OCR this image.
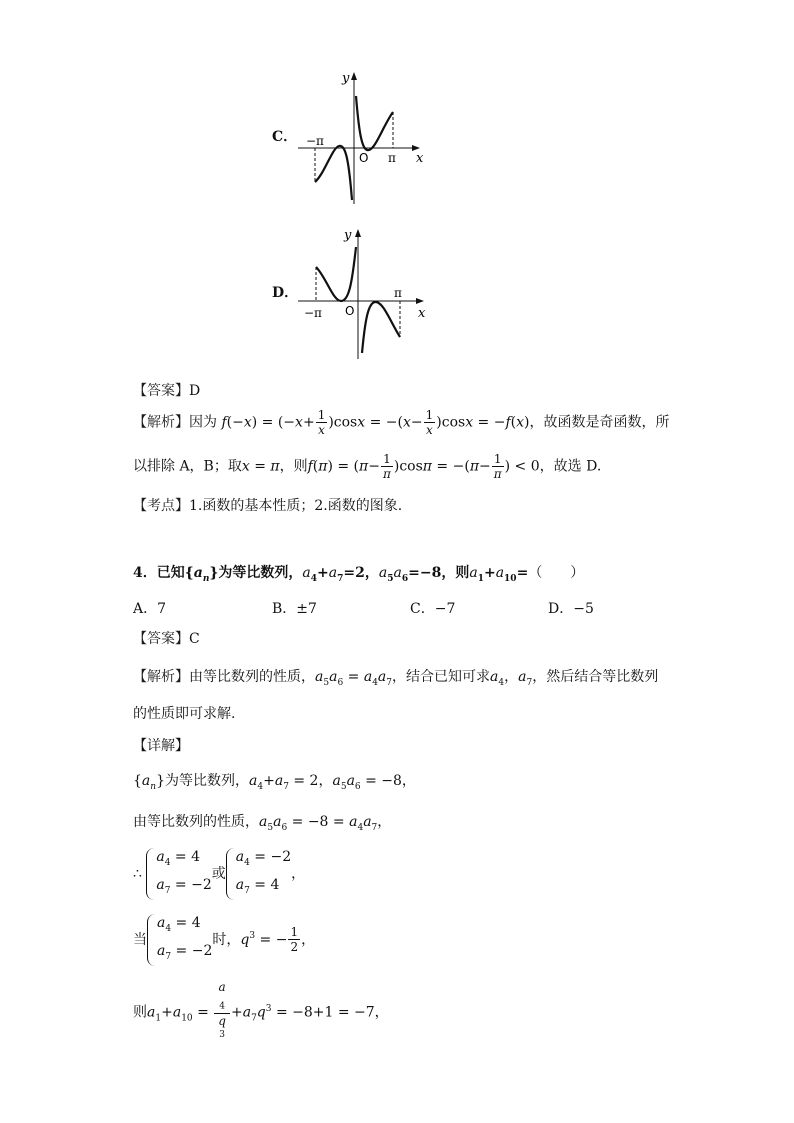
C．
y
x
O
−π
π
D．
y
x
O
−π
π
【答案】D
【解析】因为 $f(-x) = (-x+ \frac{1}{x} )\cos x = -(x- \frac{1}{x} )\cos x = -f(x)$，故函数是奇函数，所
以排除 A，B；取x = π，则$f(\pi) = (\pi- \frac{1}{\pi} )\cos\pi = -(\pi- \frac{1}{\pi}$ ) < 0，故选 D.
【考点】1.函数的基本性质；2.函数的图象.
4．已知$\{a_n\}$为等比数列，$a_4+a_7=2$，$a_5a_6=-8$，则$a_1+a_{10}=$（　　）
A．7	B．±7	C．−7	D．−5
【答案】C
【解析】由等比数列的性质，$a_5a_6 = a_4a_7$，结合已知可求$a_4$，$a_7$，然后结合等比数列
的性质即可求解.
【详解】
$\{a_n\}$为等比数列，$a_4+a_7 = 2$，$a_5a_6 = -8$，
由等比数列的性质，$a_5a_6 = -8 = a_4a_7$，
∴ $a_4 = 4$
$a_7 = -2$或$a_4 = -2$
$a_7 = 4$，
当$a_4 = 4$
$a_7 = -2$时，$q^3$ = − $\frac{1}{2}$ ，
则$a_1+a_{10} = a$
$_4$
q
$^3 +a_7q^3 = -8+1 = -7$，
